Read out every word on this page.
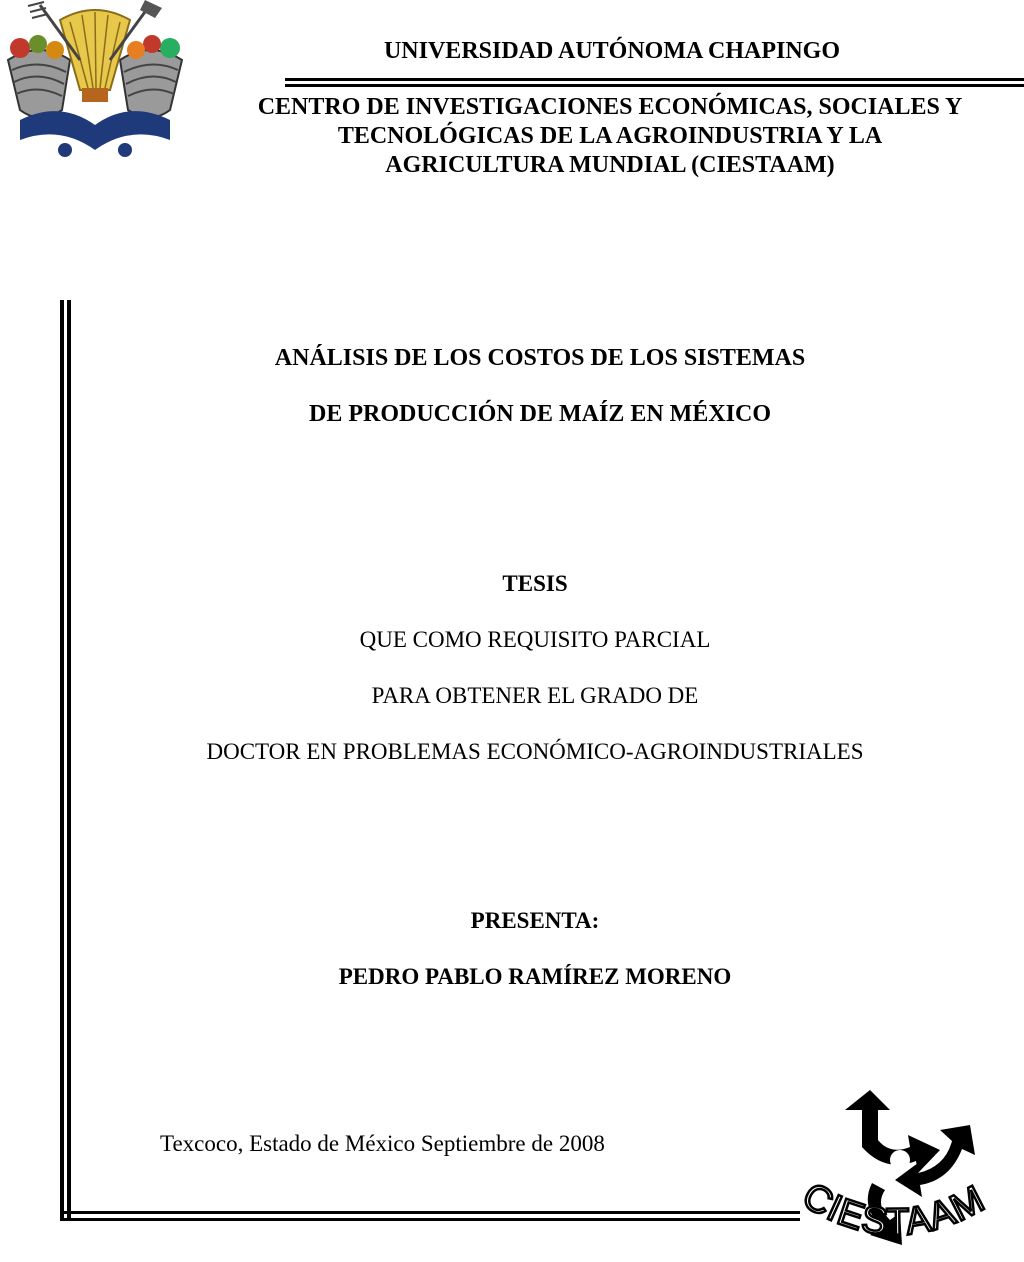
UNIVERSIDAD AUTÓNOMA CHAPINGO
CENTRO DE INVESTIGACIONES ECONÓMICAS, SOCIALES Y
TECNOLÓGICAS DE LA AGROINDUSTRIA Y LA
AGRICULTURA MUNDIAL (CIESTAAM)
ANÁLISIS DE LOS COSTOS DE LOS SISTEMAS
DE PRODUCCIÓN DE MAÍZ EN MÉXICO
TESIS
QUE COMO REQUISITO PARCIAL
PARA OBTENER EL GRADO DE
DOCTOR EN PROBLEMAS ECONÓMICO-AGROINDUSTRIALES
PRESENTA:
PEDRO PABLO RAMÍREZ MORENO
Texcoco, Estado de México Septiembre de 2008
CIESTAAM
